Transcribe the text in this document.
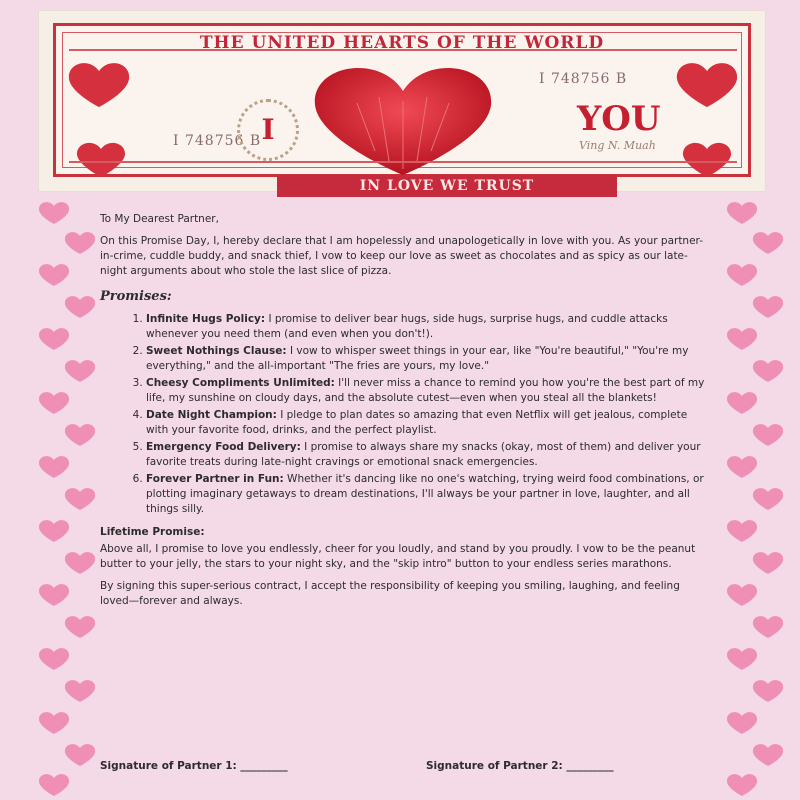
THE UNITED HEARTS OF THE WORLD
I 748756 B
I 748756 B I	YOU
Ving N. Muah
IN LOVE WE TRUST

To My Dearest Partner,

On this Promise Day, I, hereby declare that I am hopelessly and unapologetically in love with you. As your partner-in-crime, cuddle buddy, and snack thief, I vow to keep our love as sweet as chocolates and as spicy as our late-night arguments about who stole the last slice of pizza.

Promises:
1. Infinite Hugs Policy: I promise to deliver bear hugs, side hugs, surprise hugs, and cuddle attacks whenever you need them (and even when you don't!).
2. Sweet Nothings Clause: I vow to whisper sweet things in your ear, like "You're beautiful," "You're my everything," and the all-important "The fries are yours, my love."
3. Cheesy Compliments Unlimited: I'll never miss a chance to remind you how you're the best part of my life, my sunshine on cloudy days, and the absolute cutest—even when you steal all the blankets!
4. Date Night Champion: I pledge to plan dates so amazing that even Netflix will get jealous, complete with your favorite food, drinks, and the perfect playlist.
5. Emergency Food Delivery: I promise to always share my snacks (okay, most of them) and deliver your favorite treats during late-night cravings or emotional snack emergencies.
6. Forever Partner in Fun: Whether it's dancing like no one's watching, trying weird food combinations, or plotting imaginary getaways to dream destinations, I'll always be your partner in love, laughter, and all things silly.
Lifetime Promise:

Above all, I promise to love you endlessly, cheer for you loudly, and stand by you proudly. I vow to be the peanut butter to your jelly, the stars to your night sky, and the "skip intro" button to your endless series marathons.

By signing this super-serious contract, I accept the responsibility of keeping you smiling, laughing, and feeling loved—forever and always.

Signature of Partner 1: _________	Signature of Partner 2: _________
